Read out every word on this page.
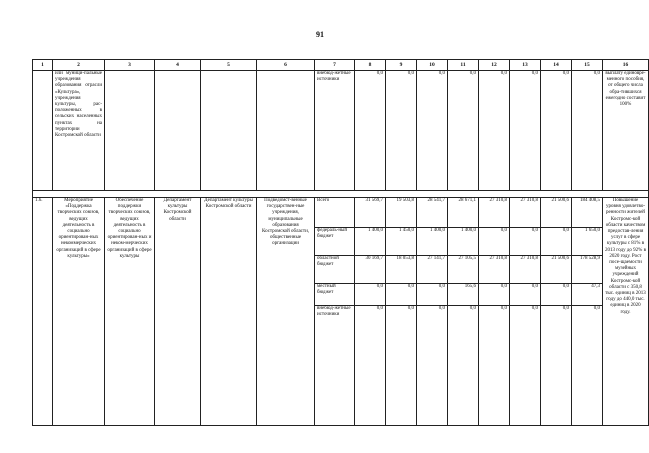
91
1	2	3	4	5	6	7	8	9	10	11	12	13	14	15	16
	или муници-пальные учреждения образования отрасли «Культура», учреждения культуры, рас-положенных в сельских населенных пунктах на территории Костромской области					внебюд-жетные источники	0,0	0,0	0,0	0,0	0,0	0,0	0,0	0,0	выплату единовре-менного пособия, от общего числа обра-тившихся ежегодно составит 100%

1.6.	Мероприятие «Поддержка творческих союзов, ведущих деятельность в социально ориентирован-ных некоммерческих организаций в сфере культуры»	Обеспечение поддержки творческих союзов, ведущих деятельность в социально ориентирован-ных и неком-мерческих организаций в сфере культуры	Департамент культуры Костромской области	Департамент культуры Костромской области	Подведомст-венные государствен-ные учреждения, муниципальные образования Костромской области, общественные организации	Всего	31 569,7	19 503,8	28 541,7	28 671,1	27 310,8	27 310,8	21 500,6	184 408,5	Повышение уровня удовлетво-ренности жителей Костромс-кой области качеством предостав-ления услуг в сфере культуры с 81% в 2013 году до 92% в 2020 году. Рост посе-щаемости музейных учреждений Костромс-кой области с 350,8 тыс. единиц в 2013 году до 440,0 тыс. единиц в 2020 году.
						федераль-ный бюджет	1 400,0	1 450,0	1 400,0	1 400,0	0,0	0,0	0,0	1 650,0	
						областной бюджет	30 169,7	18 053,8	27 141,7	27 105,5	27 310,8	27 310,8	21 500,6	178 528,9	
						местный бюджет	0,0	0,0	0,0	165,6	0,0	0,0	0,0	47,3	
						внебюд-жетные источники	0,0	0,0	0,0	0,0	0,0	0,0	0,0	0,0	
